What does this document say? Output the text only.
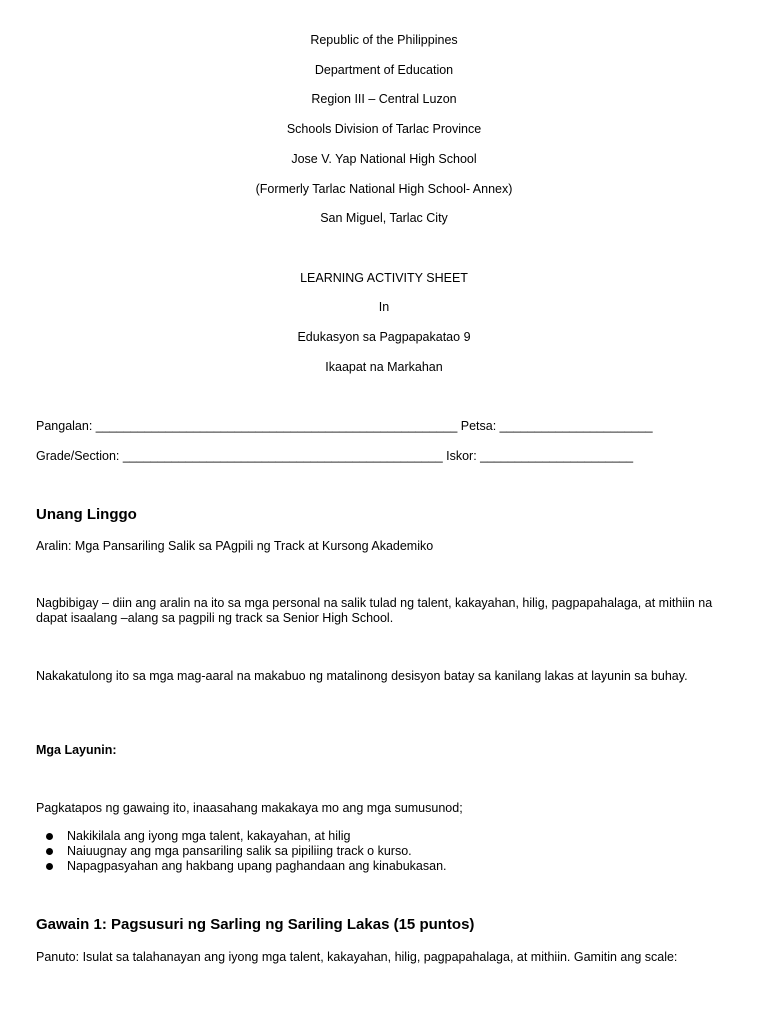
Republic of the Philippines
Department of Education
Region III – Central Luzon
Schools Division of Tarlac Province
Jose V. Yap National High School
(Formerly Tarlac National High School- Annex)
San Miguel, Tarlac City
LEARNING ACTIVITY SHEET
In
Edukasyon sa Pagpapakatao 9
Ikaapat na Markahan
Pangalan: ____________________________________________________ Petsa: ______________________
Grade/Section: ______________________________________________ Iskor: ______________________
Unang Linggo
Aralin: Mga Pansariling Salik sa PAgpili ng Track at Kursong Akademiko
Nagbibigay – diin ang aralin na ito sa mga personal na salik tulad ng talent, kakayahan, hilig, pagpapahalaga, at mithiin na dapat isaalang –alang sa pagpili ng track sa Senior High School.
Nakakatulong ito sa mga mag-aaral na makabuo ng matalinong desisyon batay sa kanilang lakas at layunin sa buhay.
Mga Layunin:
Pagkatapos ng gawaing ito, inaasahang makakaya mo ang mga sumusunod;
Nakikilala ang iyong mga talent, kakayahan, at hilig
Naiuugnay ang mga pansariling salik sa pipiliing track o kurso.
Napagpasyahan ang hakbang upang paghandaan ang kinabukasan.
Gawain 1: Pagsusuri ng Sarling ng Sariling Lakas (15 puntos)
Panuto: Isulat sa talahanayan ang iyong mga talent, kakayahan, hilig, pagpapahalaga, at mithiin. Gamitin ang scale:
